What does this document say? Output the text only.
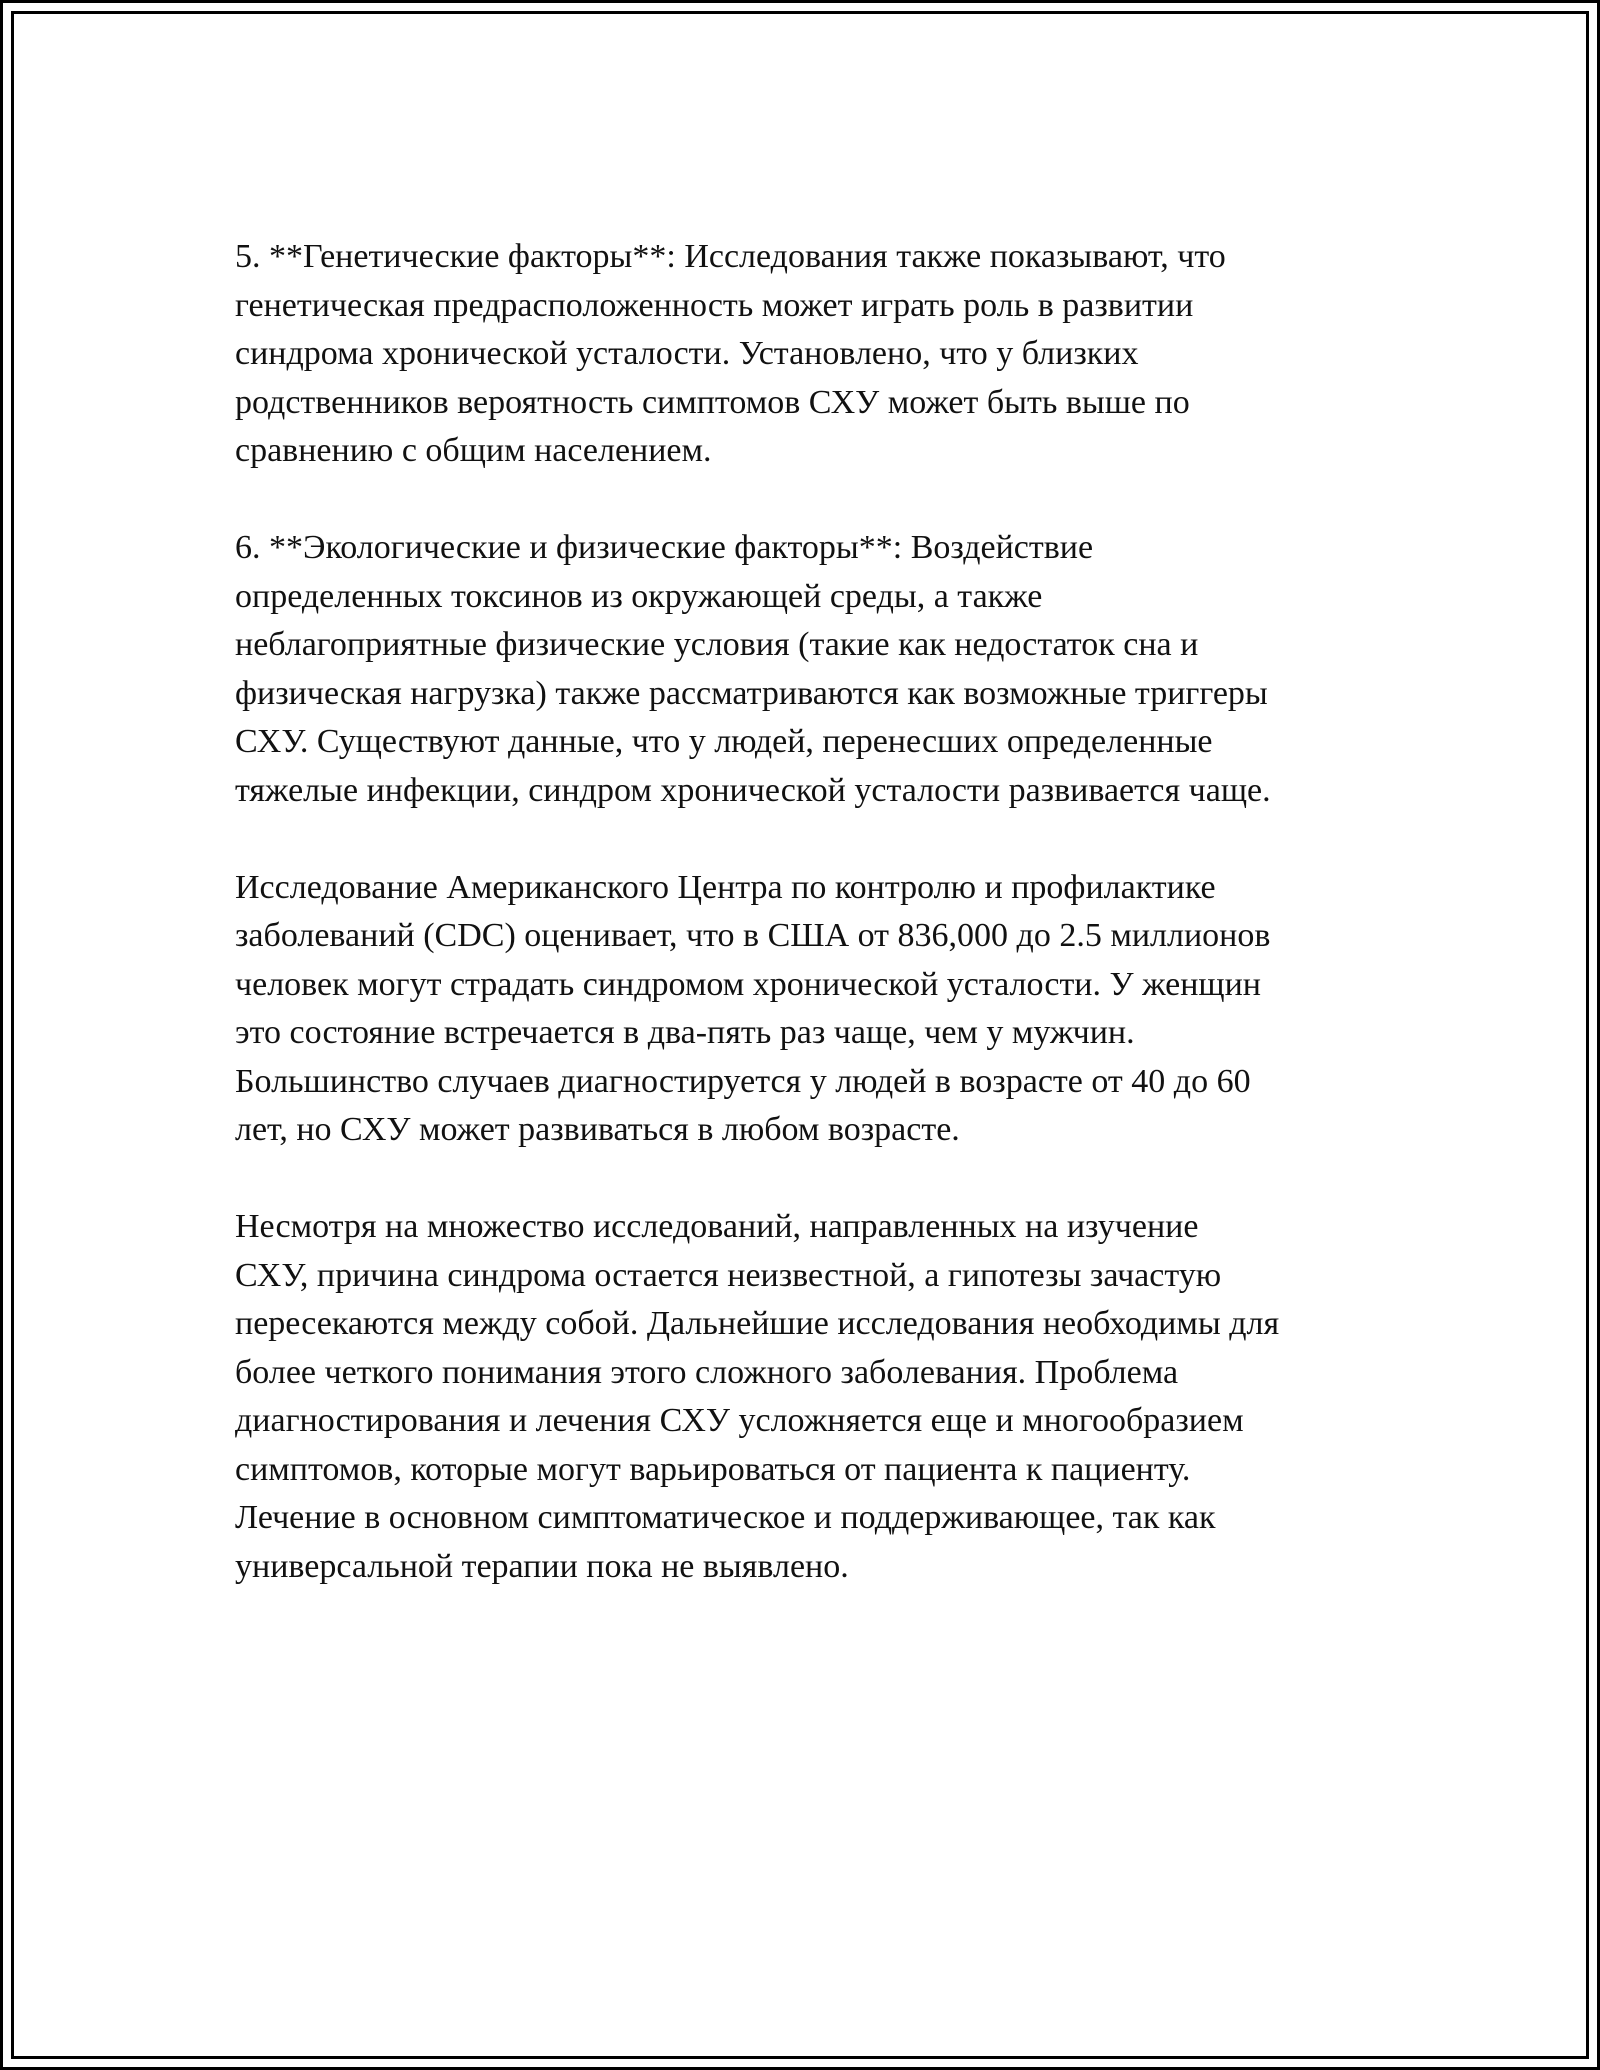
5. **Генетические факторы**: Исследования также показывают, что
генетическая предрасположенность может играть роль в развитии
синдрома хронической усталости. Установлено, что у близких
родственников вероятность симптомов СХУ может быть выше по
сравнению с общим населением.

6. **Экологические и физические факторы**: Воздействие
определенных токсинов из окружающей среды, а также
неблагоприятные физические условия (такие как недостаток сна и
физическая нагрузка) также рассматриваются как возможные триггеры
СХУ. Существуют данные, что у людей, перенесших определенные
тяжелые инфекции, синдром хронической усталости развивается чаще.

Исследование Американского Центра по контролю и профилактике
заболеваний (CDC) оценивает, что в США от 836,000 до 2.5 миллионов
человек могут страдать синдромом хронической усталости. У женщин
это состояние встречается в два-пять раз чаще, чем у мужчин.
Большинство случаев диагностируется у людей в возрасте от 40 до 60
лет, но СХУ может развиваться в любом возрасте.

Несмотря на множество исследований, направленных на изучение
СХУ, причина синдрома остается неизвестной, а гипотезы зачастую
пересекаются между собой. Дальнейшие исследования необходимы для
более четкого понимания этого сложного заболевания. Проблема
диагностирования и лечения СХУ усложняется еще и многообразием
симптомов, которые могут варьироваться от пациента к пациенту.
Лечение в основном симптоматическое и поддерживающее, так как
универсальной терапии пока не выявлено.
